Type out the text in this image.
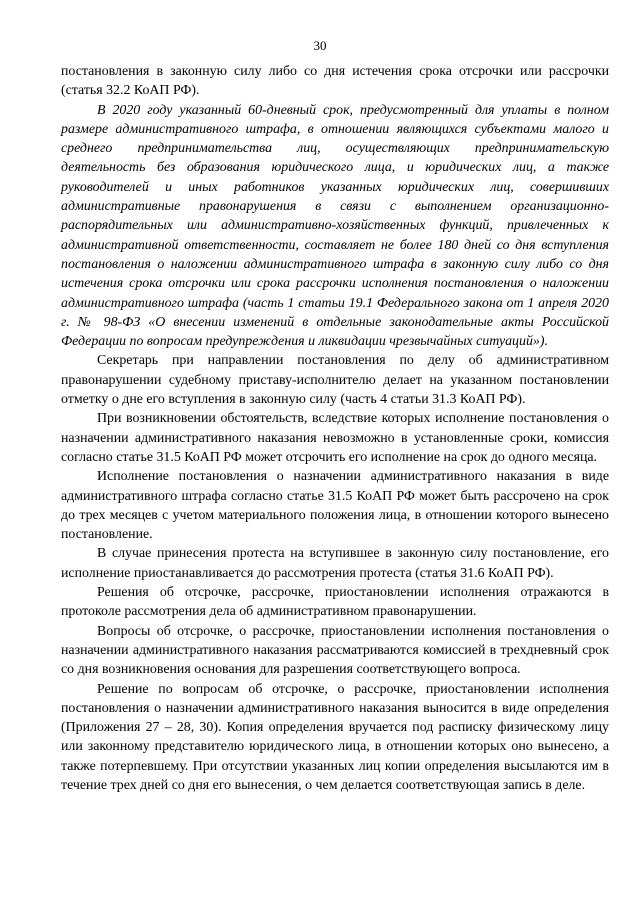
30

постановления в законную силу либо со дня истечения срока отсрочки или рассрочки (статья 32.2 КоАП РФ).

В 2020 году указанный 60-дневный срок, предусмотренный для уплаты в полном размере административного штрафа, в отношении являющихся субъектами малого и среднего предпринимательства лиц, осуществляющих предпринимательскую деятельность без образования юридического лица, и юридических лиц, а также руководителей и иных работников указанных юридических лиц, совершивших административные правонарушения в связи с выполнением организационно-распорядительных или административно-хозяйственных функций, привлеченных к административной ответственности, составляет не более 180 дней со дня вступления постановления о наложении административного штрафа в законную силу либо со дня истечения срока отсрочки или срока рассрочки исполнения постановления о наложении административного штрафа (часть 1 статьи 19.1 Федерального закона от 1 апреля 2020 г. № 98-ФЗ «О внесении изменений в отдельные законодательные акты Российской Федерации по вопросам предупреждения и ликвидации чрезвычайных ситуаций»).

Секретарь при направлении постановления по делу об административном правонарушении судебному приставу-исполнителю делает на указанном постановлении отметку о дне его вступления в законную силу (часть 4 статьи 31.3 КоАП РФ).

При возникновении обстоятельств, вследствие которых исполнение постановления о назначении административного наказания невозможно в установленные сроки, комиссия согласно статье 31.5 КоАП РФ может отсрочить его исполнение на срок до одного месяца.

Исполнение постановления о назначении административного наказания в виде административного штрафа согласно статье 31.5 КоАП РФ может быть рассрочено на срок до трех месяцев с учетом материального положения лица, в отношении которого вынесено постановление.

В случае принесения протеста на вступившее в законную силу постановление, его исполнение приостанавливается до рассмотрения протеста (статья 31.6 КоАП РФ).

Решения об отсрочке, рассрочке, приостановлении исполнения отражаются в протоколе рассмотрения дела об административном правонарушении.

Вопросы об отсрочке, о рассрочке, приостановлении исполнения постановления о назначении административного наказания рассматриваются комиссией в трехдневный срок со дня возникновения основания для разрешения соответствующего вопроса.

Решение по вопросам об отсрочке, о рассрочке, приостановлении исполнения постановления о назначении административного наказания выносится в виде определения (Приложения 27 – 28, 30). Копия определения вручается под расписку физическому лицу или законному представителю юридического лица, в отношении которых оно вынесено, а также потерпевшему. При отсутствии указанных лиц копии определения высылаются им в течение трех дней со дня его вынесения, о чем делается соответствующая запись в деле.
